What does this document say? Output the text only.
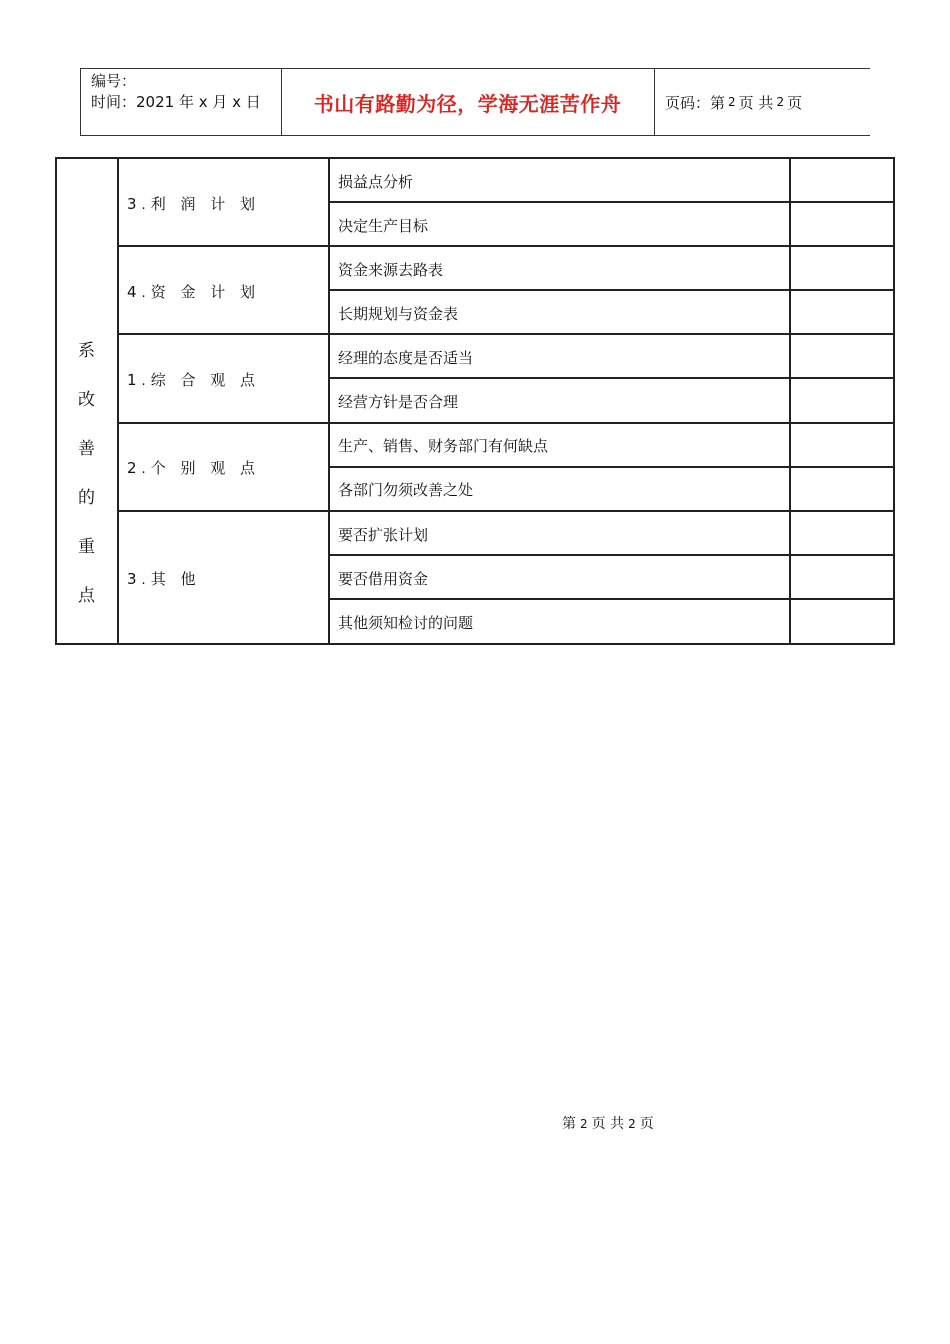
编号：
时间：2021 年 x 月 x 日	书山有路勤为径，学海无涯苦作舟	页码：第 2 页 共 2 页
系
改
善
的
重
点
3.利 润 计 划
4.资 金 计 划
1.综 合 观 点
2.个 别 观 点
3.其 他
损益点分析
决定生产目标
资金来源去路表
长期规划与资金表
经理的态度是否适当
经营方针是否合理
生产、销售、财务部门有何缺点
各部门勿须改善之处
要否扩张计划
要否借用资金
其他须知检讨的问题
第 2 页 共 2 页
